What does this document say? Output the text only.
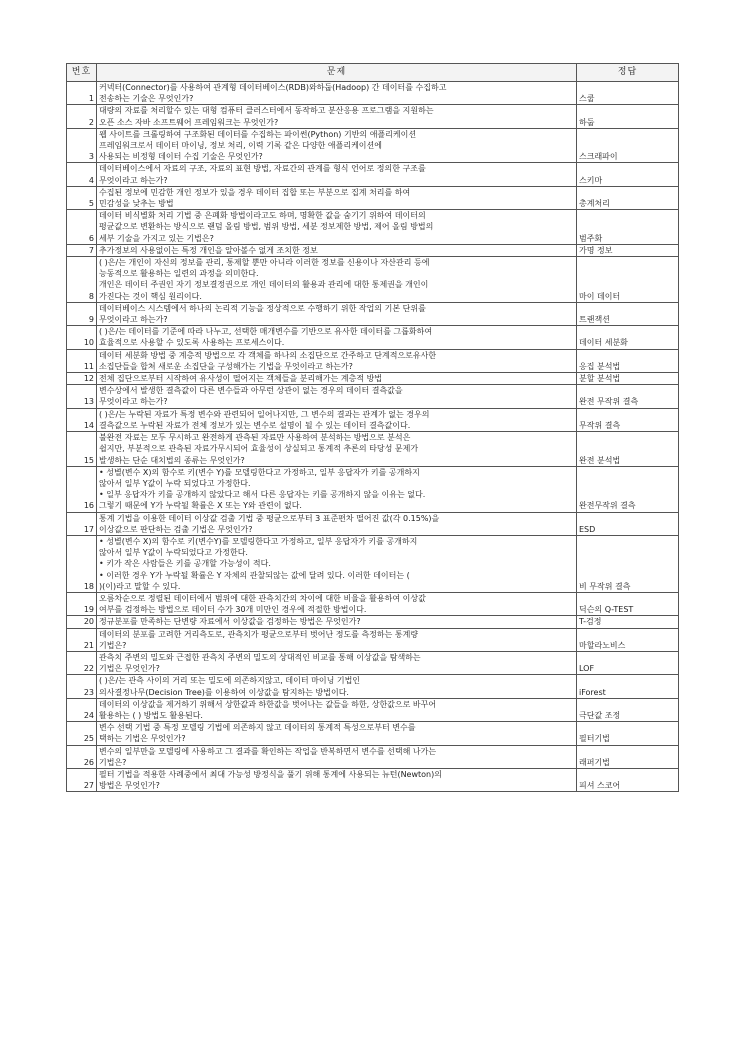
번호	문제	정답
1	커넥터(Connector)를 사용하여 관계형 데이터베이스(RDB)와하둡(Hadoop) 간 데이터를 수집하고
전송하는 기술은 무엇인가?	스쿱
2	대량의 자료를 처리할수 있는 대형 컴퓨터 클러스터에서 동작하고 분산응용 프로그램을 지원하는
오픈 소스 자바 소프트웨어 프레임워크는 무엇인가?	하둡
3	웹 사이트를 크롤링하여 구조화된 데이터를 수집하는 파이썬(Python) 기반의 애플리케이션
프레임워크로서 데이터 마이닝, 정보 처리, 이력 기록 같은 다양한 애플리케이션에
사용되는 비정형 데이터 수집 기술은 무엇인가?	스크래파이
4	데이터베이스에서 자료의 구조, 자료의 표현 방법, 자료간의 관계를 형식 언어로 정의한 구조를
무엇이라고 하는가?	스키마
5	수집된 정보에 민감한 개인 정보가 있을 경우 데이터 집합 또는 부분으로 집계 처리를 하여
민감성을 낮추는 방법	총계처리
6	데이터 비식별화 처리 기법 중 은폐화 방법이라고도 하며, 명확한 값을 숨기기 위하여 데이터의
평균값으로 변환하는 방식으로 랜덤 올림 방법, 범위 방법, 세분 정보제한 방법, 제어 올림 방법의
세부 기술을 가지고 있는 기법은?	범주화
7	추가정보의 사용없이는 특정 개인을 알아볼수 없게 조치한 정보	가명 정보
8	( )은/는 개인이 자신의 정보를 관리, 통제할 뿐만 아니라 이러한 정보를 신용이나 자산관리 등에
능동적으로 활용하는 일련의 과정을 의미한다.
개인은 데이터 주권인 자기 정보결정권으로 개인 데이터의 활용과 관리에 대한 통제권을 개인이
가진다는 것이 핵심 원리이다.	마이 데이터
9	데이터베이스 시스템에서 하나의 논리적 기능을 정상적으로 수행하기 위한 작업의 기본 단위를
무엇이라고 하는가?	트랜잭션
10	( )은/는 데이터를 기준에 따라 나누고, 선택한 매개변수를 기반으로 유사한 데이터를 그룹화하여
효율적으로 사용할 수 있도록 사용하는 프로세스이다.	데이터 세분화
11	데이터 세분화 방법 중 계층적 방법으로 각 객체를 하나의 소집단으로 간주하고 단계적으로유사한
소집단들을 합쳐 새로운 소집단을 구성해가는 기법을 무엇이라고 하는가?	응집 분석법
12	전체 집단으로부터 시작하여 유사성이 떨어지는 객체들을 분리해가는 계층적 방법	분할 분석법
13	변수상에서 발생한 결측값이 다른 변수들과 아무런 상관이 없는 경우의 데이터 결측값을
무엇이라고 하는가?	완전 무작위 결측
14	( )은/는 누락된 자료가 특정 변수와 관련되어 일어나지만, 그 변수의 결과는 관계가 없는 경우의
결측값으로 누락된 자료가 전체 정보가 있는 변수로 설명이 될 수 있는 데이터 결측값이다.	무작위 결측
15	불완전 자료는 모두 무시하고 완전하게 관측된 자료만 사용하여 분석하는 방법으로 분석은
쉽지만, 부분적으로 관측된 자료가무시되어 효율성이 상실되고 통계적 추론의 타당성 문제가
발생하는 단순 대치법의 종류는 무엇인가?	완전 분석법
16	• 성별(변수 X)의 함수로 키(변수 Y)를 모델링한다고 가정하고, 일부 응답자가 키를 공개하지
않아서 일부 Y값이 누락 되었다고 가정한다.
• 일부 응답자가 키를 공개하지 않았다고 해서 다른 응답자는 키를 공개하지 않을 이유는 없다.
그렇기 때문에 Y가 누락될 확률은 X 또는 Y와 관련이 없다.	완전무작위 결측
17	통계 기법을 이용한 데이터 이상값 검출 기법 중 평균으로부터 3 표준편차 떨어진 값(각 0.15%)을
이상값으로 판단하는 검출 기법은 무엇인가?	ESD
18	• 성별(변수 X)의 함수로 키(변수Y)를 모델링한다고 가정하고, 일부 응답자가 키를 공개하지
않아서 일부 Y값이 누락되었다고 가정한다.
• 키가 작은 사람들은 키를 공개할 가능성이 적다.
• 이러한 경우 Y가 누락될 확률은 Y 자체의 관찰되않는 값에 달려 있다. 이러한 데이터는 (
)(이)라고 말할 수 있다.	비 무작위 결측
19	오름차순으로 정렬된 데이터에서 범위에 대한 관측치간의 차이에 대한 비율을 활용하여 이상값
여부를 검정하는 방법으로 데이터 수가 30개 미만인 경우에 적절한 방법이다.	딕슨의 Q-TEST
20	정규분포를 만족하는 단변량 자료에서 이상값을 검정하는 방법은 무엇인가?	T-검정
21	데이터의 분포를 고려한 거리측도로, 관측치가 평균으로부터 벗어난 정도를 측정하는 통계량
기법은?	마할라노비스
22	관측치 주변의 밀도와 근접한 관측치 주변의 밀도의 상대적인 비교를 통해 이상값을 탐색하는
기법은 무엇인가?	LOF
23	( )은/는 관측 사이의 거리 또는 밀도에 의존하지않고, 데이터 마이닝 기법인
의사결정나무(Decision Tree)를 이용하여 이상값을 탐지하는 방법이다.	iForest
24	데이터의 이상값을 제거하기 위해서 상한값과 하한값을 벗어나는 값들을 하한, 상한값으로 바꾸어
활용하는 ( ) 방법도 활용된다.	극단값 조정
25	변수 선택 기법 중 특정 모델링 기법에 의존하지 않고 데이터의 통계적 특성으로부터 변수를
택하는 기법은 무엇인가?	필터기법
26	변수의 일부만을 모델링에 사용하고 그 결과를 확인하는 작업을 반복하면서 변수를 선택해 나가는
기법은?	래퍼기법
27	필터 기법을 적용한 사례중에서 최대 가능성 방정식을 풀기 위해 통계에 사용되는 뉴턴(Newton)의
방법은 무엇인가?	피셔 스코어
